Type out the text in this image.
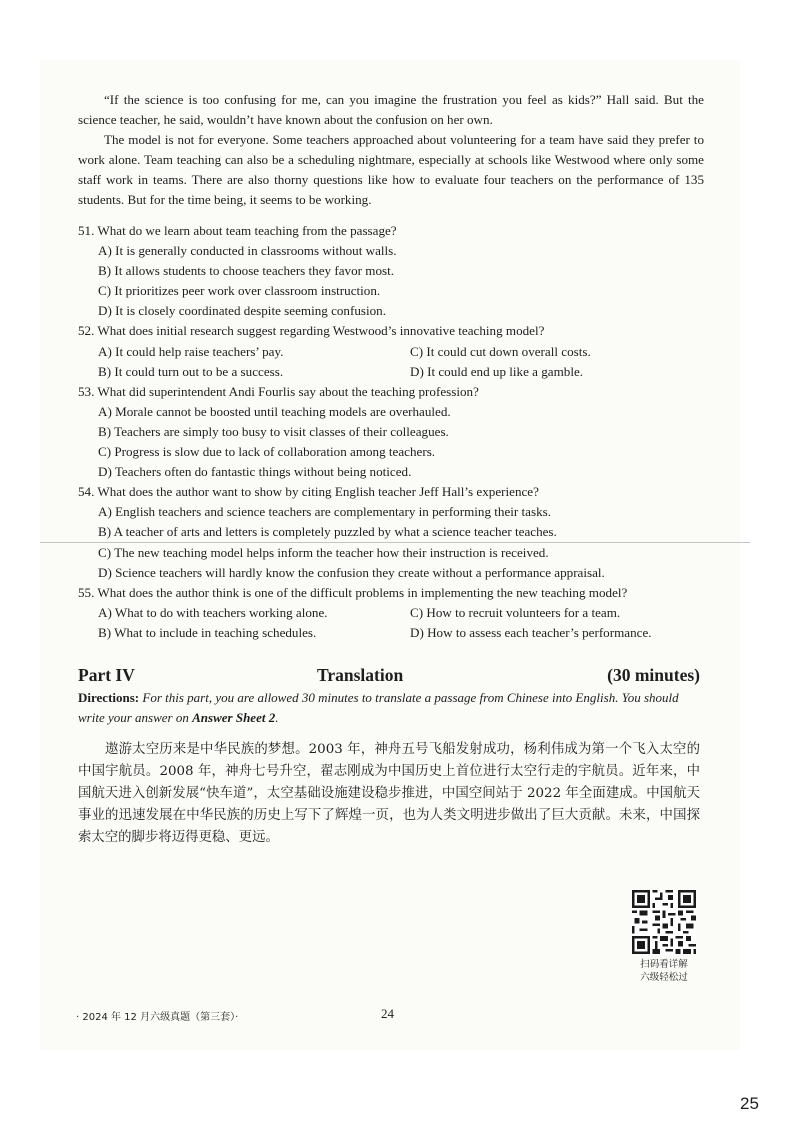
“If the science is too confusing for me, can you imagine the frustration you feel as kids?” Hall said. But the science teacher, he said, wouldn’t have known about the confusion on her own.

The model is not for everyone. Some teachers approached about volunteering for a team have said they prefer to work alone. Team teaching can also be a scheduling nightmare, especially at schools like Westwood where only some staff work in teams. There are also thorny questions like how to evaluate four teachers on the performance of 135 students. But for the time being, it seems to be working.

51. What do we learn about team teaching from the passage?
A) It is generally conducted in classrooms without walls.
B) It allows students to choose teachers they favor most.
C) It prioritizes peer work over classroom instruction.
D) It is closely coordinated despite seeming confusion.
52. What does initial research suggest regarding Westwood’s innovative teaching model?
A) It could help raise teachers’ pay.	C) It could cut down overall costs.
B) It could turn out to be a success.	D) It could end up like a gamble.
53. What did superintendent Andi Fourlis say about the teaching profession?
A) Morale cannot be boosted until teaching models are overhauled.
B) Teachers are simply too busy to visit classes of their colleagues.
C) Progress is slow due to lack of collaboration among teachers.
D) Teachers often do fantastic things without being noticed.
54. What does the author want to show by citing English teacher Jeff Hall’s experience?
A) English teachers and science teachers are complementary in performing their tasks.
B) A teacher of arts and letters is completely puzzled by what a science teacher teaches.
C) The new teaching model helps inform the teacher how their instruction is received.
D) Science teachers will hardly know the confusion they create without a performance appraisal.
55. What does the author think is one of the difficult problems in implementing the new teaching model?
A) What to do with teachers working alone.	C) How to recruit volunteers for a team.
B) What to include in teaching schedules.	D) How to assess each teacher’s performance.
Part IV	Translation	(30 minutes)

Directions: For this part, you are allowed 30 minutes to translate a passage from Chinese into English. You should write your answer on Answer Sheet 2.

遨游太空历来是中华民族的梦想。2003 年，神舟五号飞船发射成功，杨利伟成为第一个飞入太空的中国宇航员。2008 年，神舟七号升空，翟志刚成为中国历史上首位进行太空行走的宇航员。近年来，中国航天进入创新发展“快车道”，太空基础设施建设稳步推进，中国空间站于 2022 年全面建成。中国航天事业的迅速发展在中华民族的历史上写下了辉煌一页，也为人类文明进步做出了巨大贡献。未来，中国探索太空的脚步将迈得更稳、更远。

扫码看详解
六级轻松过
· 2024 年 12 月六级真题（第三套）·	24
25
